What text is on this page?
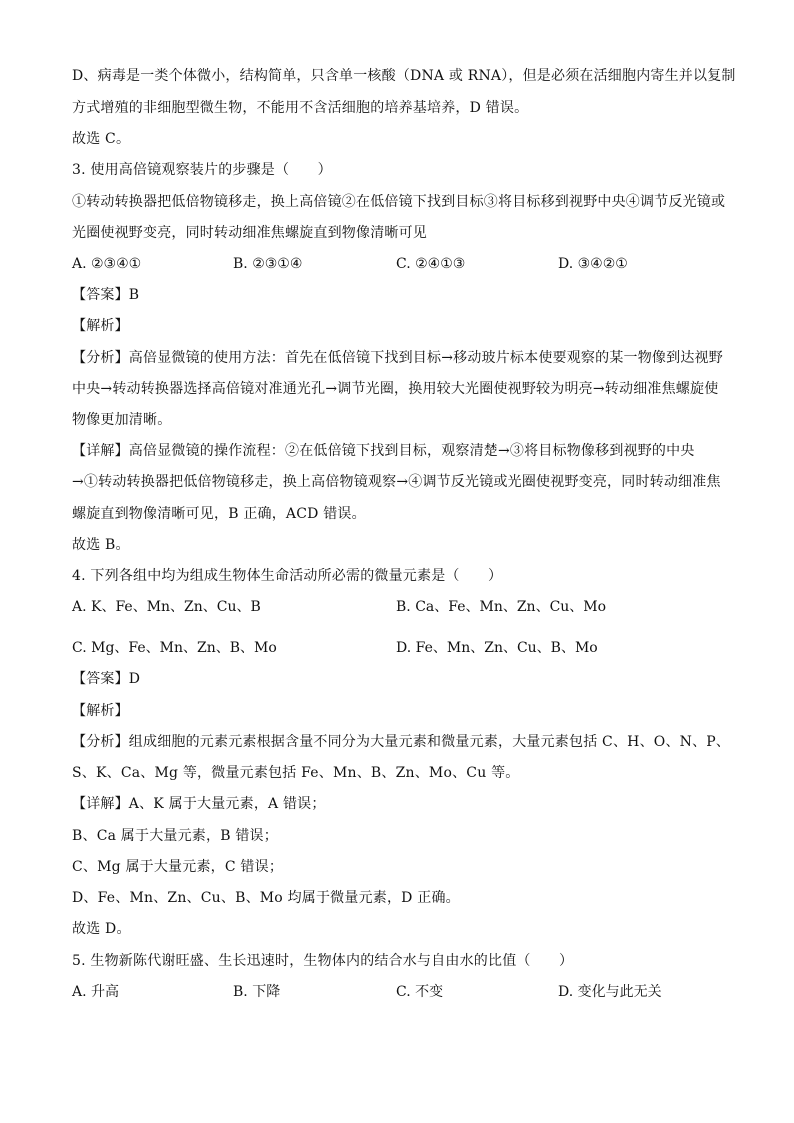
D、病毒是一类个体微小，结构简单，只含单一核酸（DNA 或 RNA），但是必须在活细胞内寄生并以复制
方式增殖的非细胞型微生物，不能用不含活细胞的培养基培养，D 错误。
故选 C。
3. 使用高倍镜观察装片的步骤是（　　）
①转动转换器把低倍物镜移走，换上高倍镜②在低倍镜下找到目标③将目标移到视野中央④调节反光镜或
光圈使视野变亮，同时转动细准焦螺旋直到物像清晰可见
A. ②③④①	B. ②③①④	C. ②④①③	D. ③④②①
【答案】B
【解析】
【分析】高倍显微镜的使用方法：首先在低倍镜下找到目标→移动玻片标本使要观察的某一物像到达视野
中央→转动转换器选择高倍镜对准通光孔→调节光圈，换用较大光圈使视野较为明亮→转动细准焦螺旋使
物像更加清晰。
【详解】高倍显微镜的操作流程：②在低倍镜下找到目标，观察清楚→③将目标物像移到视野的中央
→①转动转换器把低倍物镜移走，换上高倍物镜观察→④调节反光镜或光圈使视野变亮，同时转动细准焦
螺旋直到物像清晰可见，B 正确，ACD 错误。
故选 B。
4. 下列各组中均为组成生物体生命活动所必需的微量元素是（　　）
A. K、Fe、Mn、Zn、Cu、B	B. Ca、Fe、Mn、Zn、Cu、Mo
C. Mg、Fe、Mn、Zn、B、Mo	D. Fe、Mn、Zn、Cu、B、Mo
【答案】D
【解析】
【分析】组成细胞的元素元素根据含量不同分为大量元素和微量元素，大量元素包括 C、H、O、N、P、
S、K、Ca、Mg 等，微量元素包括 Fe、Mn、B、Zn、Mo、Cu 等。
【详解】A、K 属于大量元素，A 错误；
B、Ca 属于大量元素，B 错误；
C、Mg 属于大量元素，C 错误；
D、Fe、Mn、Zn、Cu、B、Mo 均属于微量元素，D 正确。
故选 D。
5. 生物新陈代谢旺盛、生长迅速时，生物体内的结合水与自由水的比值（　　）
A. 升高	B. 下降	C. 不变	D. 变化与此无关
